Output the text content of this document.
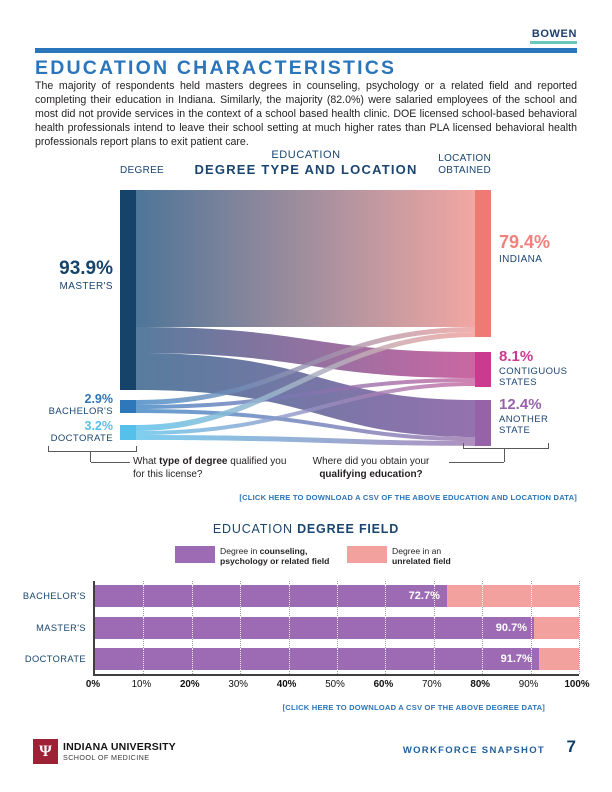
BOWEN
EDUCATION CHARACTERISTICS
The majority of respondents held masters degrees in counseling, psychology or a related field and reported completing their education in Indiana. Similarly, the majority (82.0%) were salaried employees of the school and most did not provide services in the context of a school based health clinic. DOE licensed school-based behavioral health professionals intend to leave their school setting at much higher rates than PLA licensed behavioral health professionals report plans to exit patient care.
EDUCATION
DEGREE TYPE AND LOCATION
DEGREE
LOCATION OBTAINED
93.9%
MASTER'S
2.9%
BACHELOR'S
3.2%
DOCTORATE
79.4%
INDIANA
8.1%
CONTIGUOUS STATES
12.4%
ANOTHER STATE
What type of degree qualified you for this license?
Where did you obtain your
qualifying education?
[CLICK HERE TO DOWNLOAD A CSV OF THE ABOVE EDUCATION AND LOCATION DATA]
EDUCATION DEGREE FIELD
Degree in counseling, psychology or related field
Degree in an unrelated field
72.7%
90.7%
91.7%
0%	10%	20%	30%	40%	50%	60%	70%	80%	90%	100%
[CLICK HERE TO DOWNLOAD A CSV OF THE ABOVE DEGREE DATA]
Ψ INDIANA UNIVERSITY
SCHOOL OF MEDICINE
WORKFORCE SNAPSHOT 7
BACHELOR'S
MASTER'S
DOCTORATE
